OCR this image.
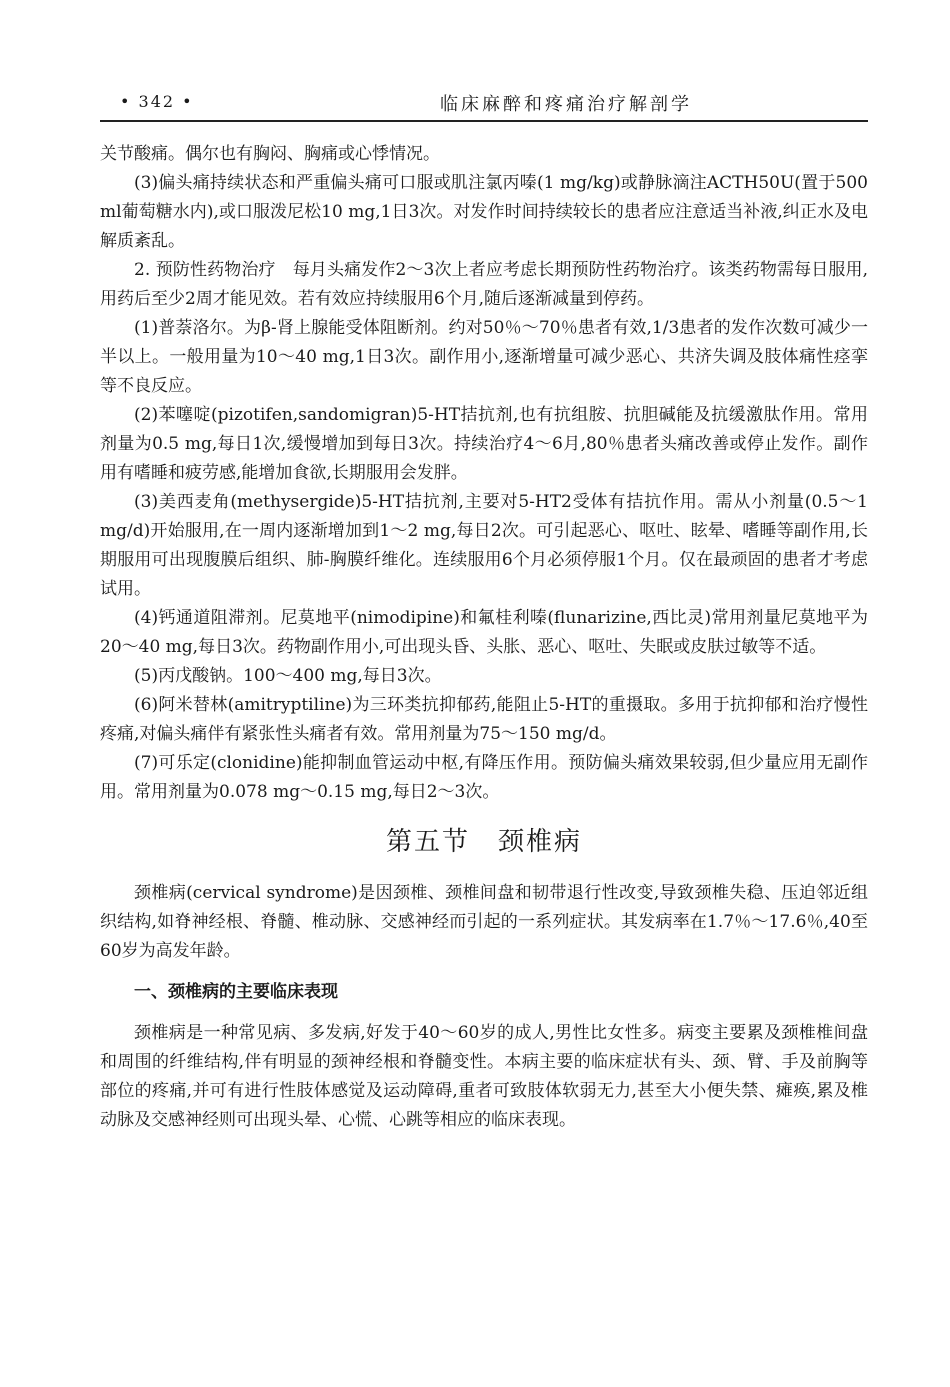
• 342 •	临床麻醉和疼痛治疗解剖学

关节酸痛。偶尔也有胸闷、胸痛或心悸情况。

(3)偏头痛持续状态和严重偏头痛可口服或肌注氯丙嗪(1 mg/kg)或静脉滴注ACTH50U(置于500 ml葡萄糖水内),或口服泼尼松10 mg,1日3次。对发作时间持续较长的患者应注意适当补液,纠正水及电解质紊乱。

2. 预防性药物治疗　每月头痛发作2～3次上者应考虑长期预防性药物治疗。该类药物需每日服用,用药后至少2周才能见效。若有效应持续服用6个月,随后逐渐减量到停药。

(1)普萘洛尔。为β-肾上腺能受体阻断剂。约对50％～70％患者有效,1/3患者的发作次数可减少一半以上。一般用量为10～40 mg,1日3次。副作用小,逐渐增量可减少恶心、共济失调及肢体痛性痉挛等不良反应。

(2)苯噻啶(pizotifen,sandomigran)5-HT拮抗剂,也有抗组胺、抗胆碱能及抗缓激肽作用。常用剂量为0.5 mg,每日1次,缓慢增加到每日3次。持续治疗4～6月,80％患者头痛改善或停止发作。副作用有嗜睡和疲劳感,能增加食欲,长期服用会发胖。

(3)美西麦角(methysergide)5-HT拮抗剂,主要对5-HT2受体有拮抗作用。需从小剂量(0.5～1 mg/d)开始服用,在一周内逐渐增加到1～2 mg,每日2次。可引起恶心、呕吐、眩晕、嗜睡等副作用,长期服用可出现腹膜后组织、肺-胸膜纤维化。连续服用6个月必须停服1个月。仅在最顽固的患者才考虑试用。

(4)钙通道阻滞剂。尼莫地平(nimodipine)和氟桂利嗪(flunarizine,西比灵)常用剂量尼莫地平为20～40 mg,每日3次。药物副作用小,可出现头昏、头胀、恶心、呕吐、失眠或皮肤过敏等不适。

(5)丙戊酸钠。100～400 mg,每日3次。

(6)阿米替林(amitryptiline)为三环类抗抑郁药,能阻止5-HT的重摄取。多用于抗抑郁和治疗慢性疼痛,对偏头痛伴有紧张性头痛者有效。常用剂量为75～150 mg/d。

(7)可乐定(clonidine)能抑制血管运动中枢,有降压作用。预防偏头痛效果较弱,但少量应用无副作用。常用剂量为0.078 mg～0.15 mg,每日2～3次。

第五节　颈椎病

颈椎病(cervical syndrome)是因颈椎、颈椎间盘和韧带退行性改变,导致颈椎失稳、压迫邻近组织结构,如脊神经根、脊髓、椎动脉、交感神经而引起的一系列症状。其发病率在1.7％～17.6％,40至60岁为高发年龄。

一、颈椎病的主要临床表现

颈椎病是一种常见病、多发病,好发于40～60岁的成人,男性比女性多。病变主要累及颈椎椎间盘和周围的纤维结构,伴有明显的颈神经根和脊髓变性。本病主要的临床症状有头、颈、臂、手及前胸等部位的疼痛,并可有进行性肢体感觉及运动障碍,重者可致肢体软弱无力,甚至大小便失禁、瘫痪,累及椎动脉及交感神经则可出现头晕、心慌、心跳等相应的临床表现。
